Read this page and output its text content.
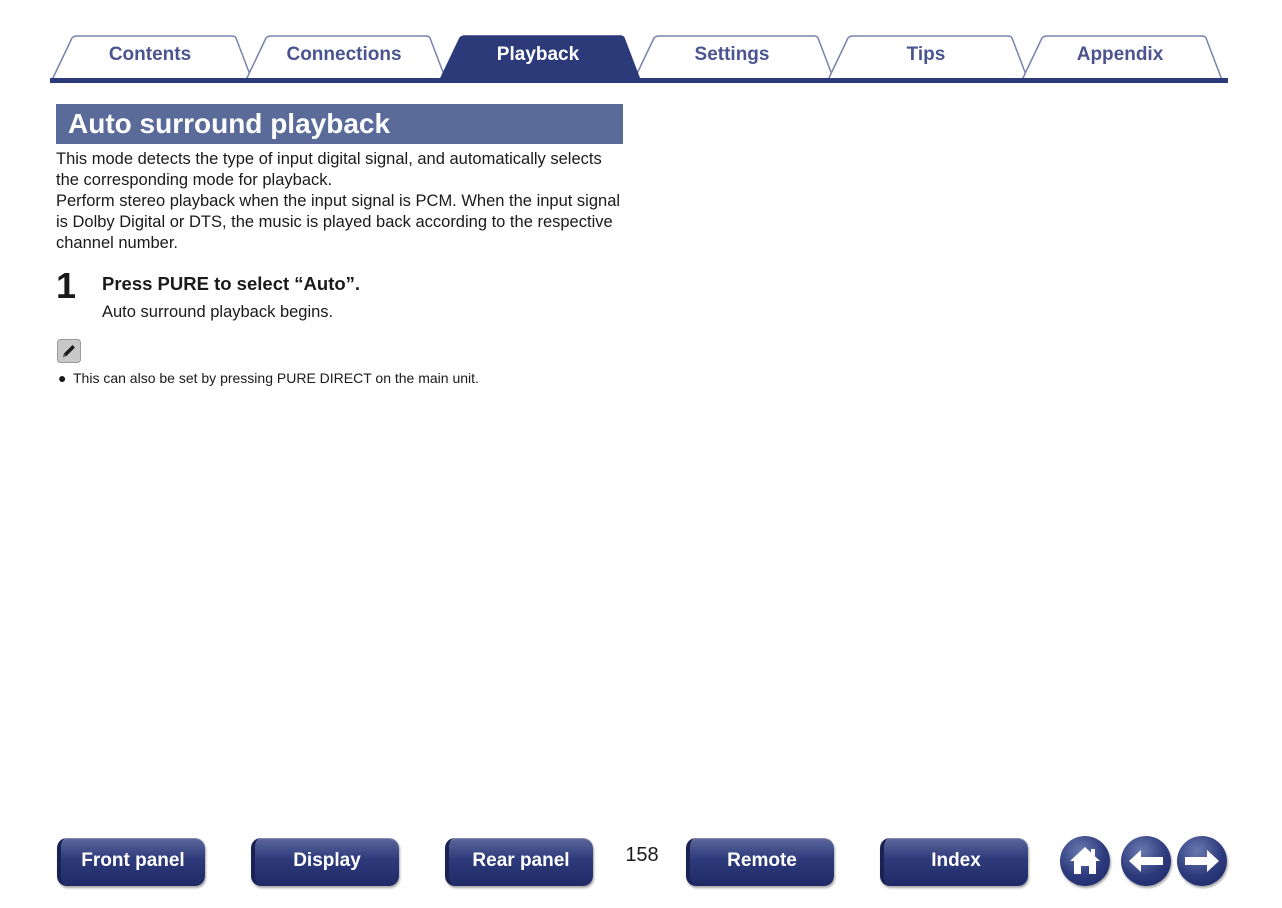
Contents	Connections	Playback	Settings	Tips	Appendix
Auto surround playback

This mode detects the type of input digital signal, and automatically selects the corresponding mode for playback.

Perform stereo playback when the input signal is PCM. When the input signal is Dolby Digital or DTS, the music is played back according to the respective channel number.

1 Press PURE to select “Auto”.
Auto surround playback begins.
● This can also be set by pressing PURE DIRECT on the main unit.
Front panel	Display	Rear panel	158	Remote	Index
